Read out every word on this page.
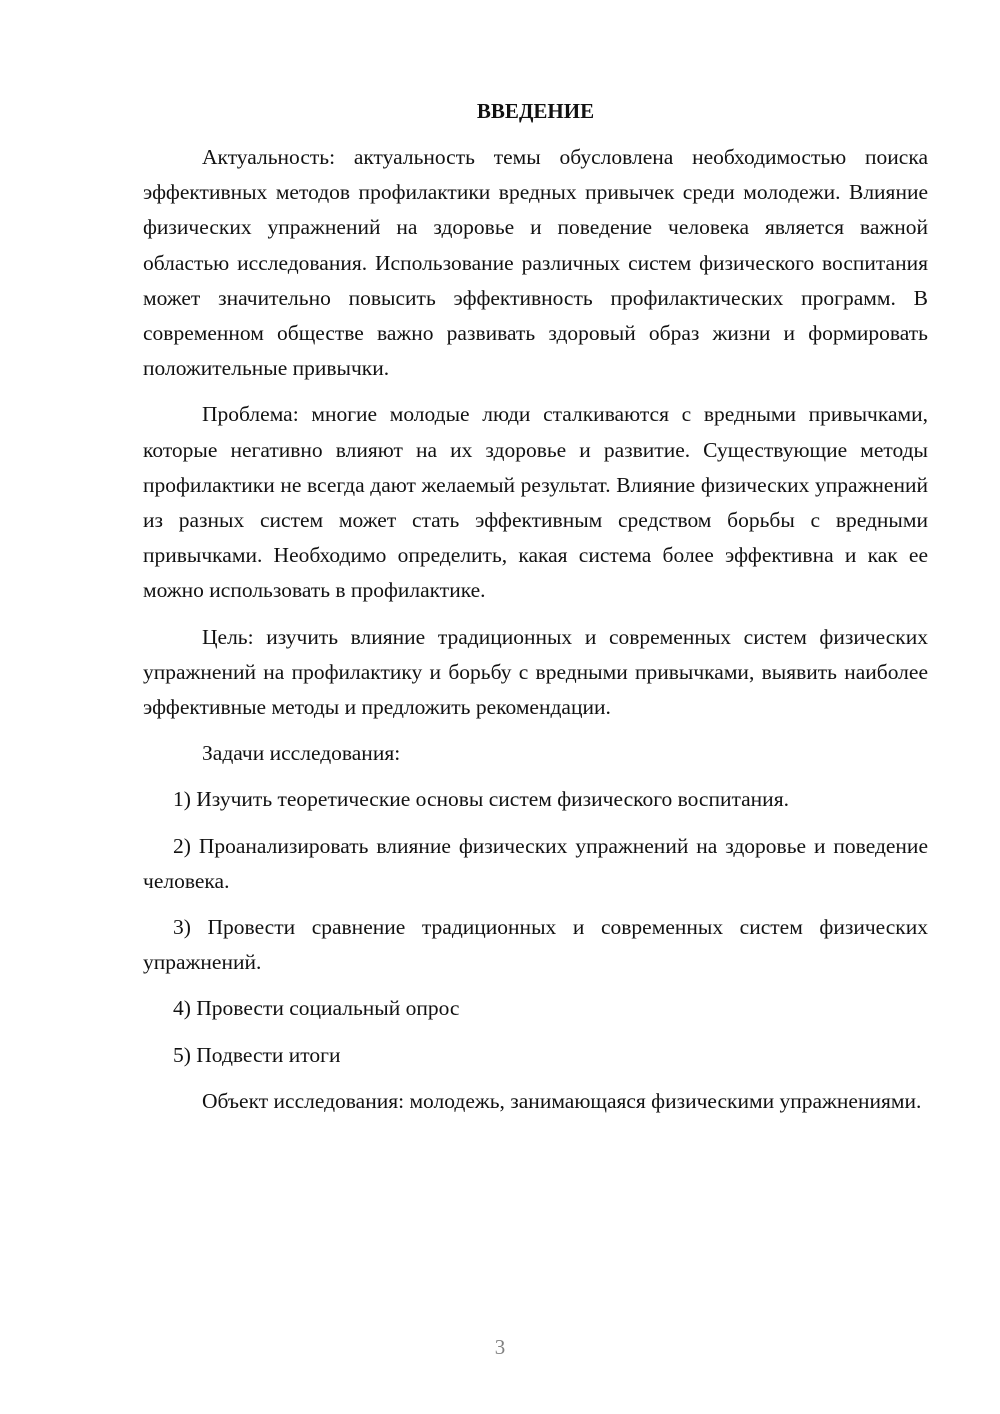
ВВЕДЕНИЕ

Актуальность: актуальность темы обусловлена необходимостью поиска эффективных методов профилактики вредных привычек среди молодежи. Влияние физических упражнений на здоровье и поведение человека является важной областью исследования. Использование различных систем физического воспитания может значительно повысить эффективность профилактических программ. В современном обществе важно развивать здоровый образ жизни и формировать положительные привычки.

Проблема: многие молодые люди сталкиваются с вредными привычками, которые негативно влияют на их здоровье и развитие. Существующие методы профилактики не всегда дают желаемый результат. Влияние физических упражнений из разных систем может стать эффективным средством борьбы с вредными привычками. Необходимо определить, какая система более эффективна и как ее можно использовать в профилактике.

Цель: изучить влияние традиционных и современных систем физических упражнений на профилактику и борьбу с вредными привычками, выявить наиболее эффективные методы и предложить рекомендации.

Задачи исследования:

1) Изучить теоретические основы систем физического воспитания.

2) Проанализировать влияние физических упражнений на здоровье и поведение человека.

3) Провести сравнение традиционных и современных систем физических упражнений.

4) Провести социальный опрос

5) Подвести итоги

Объект исследования: молодежь, занимающаяся физическими упражнениями.

3
